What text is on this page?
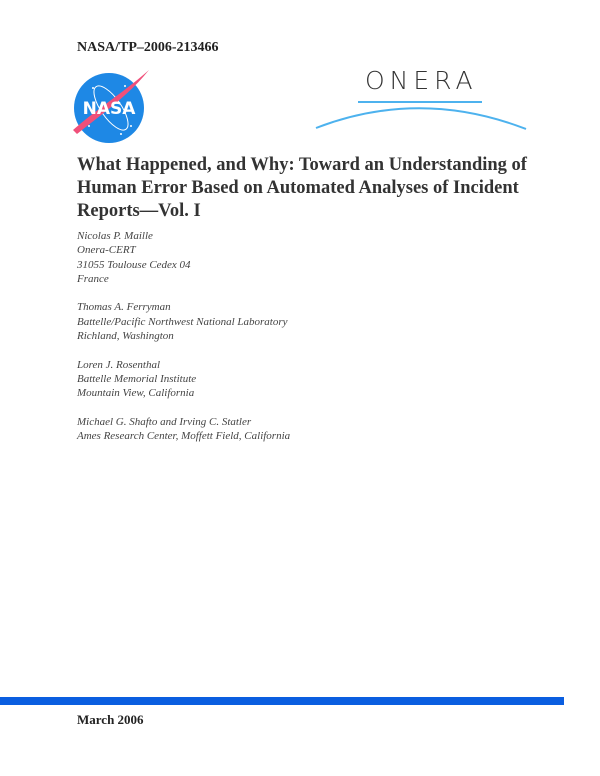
NASA/TP–2006-213466
NASA
ONERA
What Happened, and Why: Toward an Understanding of
Human Error Based on Automated Analyses of Incident
Reports—Vol. I
Nicolas P. Maille
Onera-CERT
31055 Toulouse Cedex 04
France
Thomas A. Ferryman
Battelle/Pacific Northwest National Laboratory
Richland, Washington
Loren J. Rosenthal
Battelle Memorial Institute
Mountain View, California
Michael G. Shafto and Irving C. Statler
Ames Research Center, Moffett Field, California
March 2006
